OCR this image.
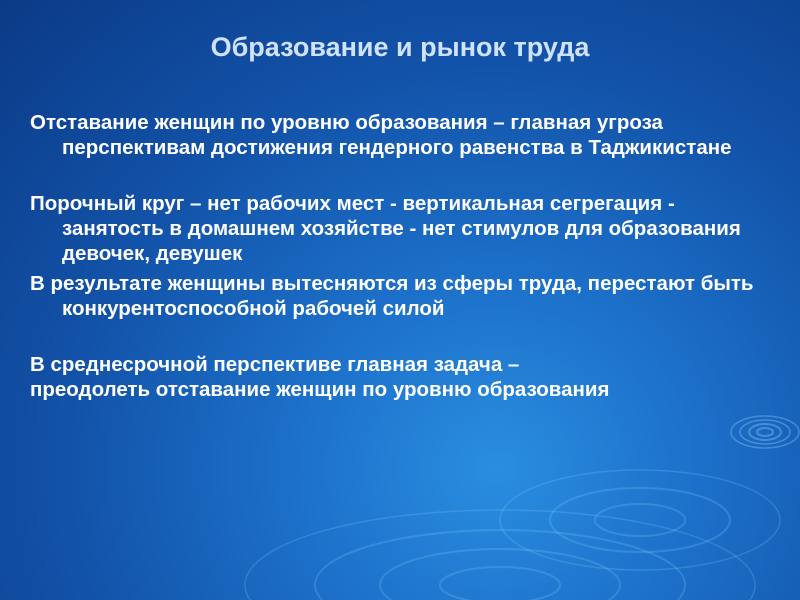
Образование и рынок труда

Отставание женщин по уровню образования – главная угроза перспективам достижения гендерного равенства в Таджикистане

Порочный круг – нет рабочих мест - вертикальная сегрегация - занятость в домашнем хозяйстве - нет стимулов для образования девочек, девушек

В результате женщины вытесняются из сферы труда, перестают быть конкурентоспособной рабочей силой

В среднесрочной перспективе главная задача –

преодолеть отставание женщин по уровню образования
